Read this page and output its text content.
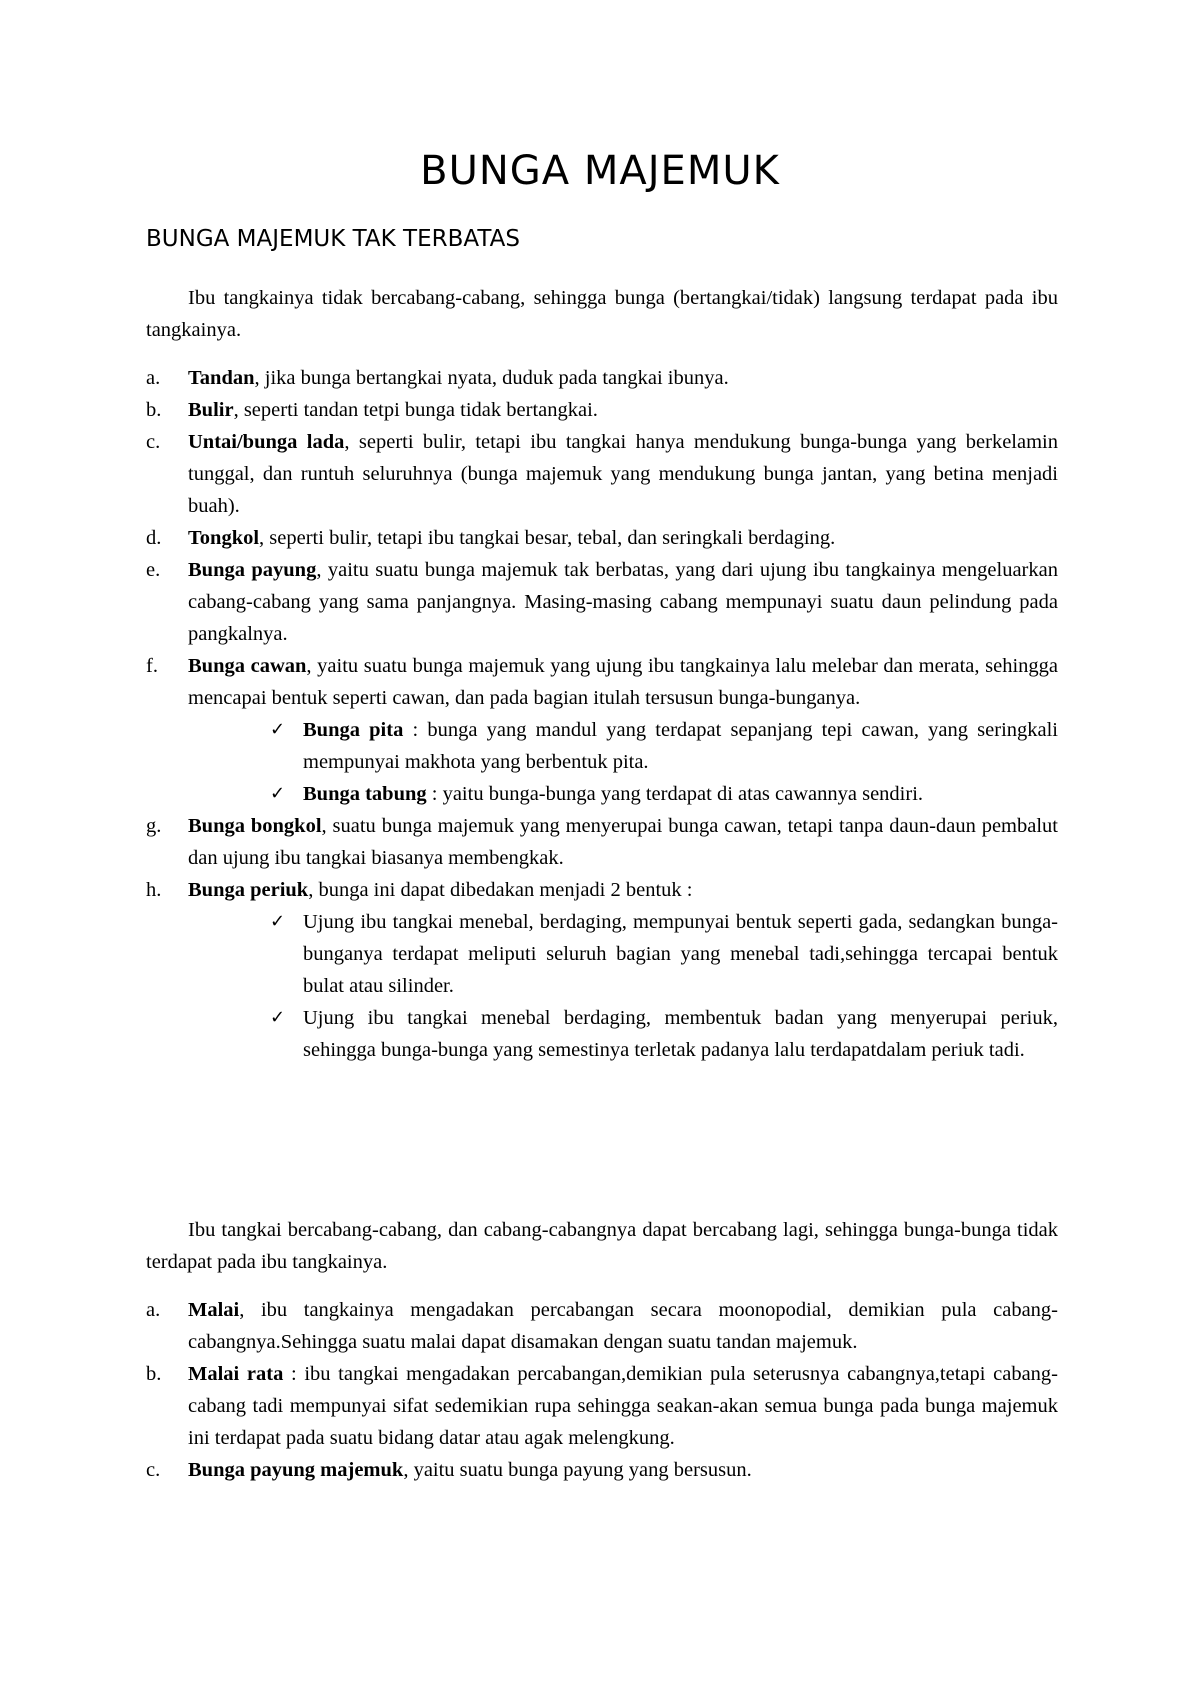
BUNGA MAJEMUK
BUNGA MAJEMUK TAK TERBATAS

Ibu tangkainya tidak bercabang-cabang, sehingga bunga (bertangkai/tidak) langsung terdapat pada ibu tangkainya.

a. Tandan, jika bunga bertangkai nyata, duduk pada tangkai ibunya.
b. Bulir, seperti tandan tetpi bunga tidak bertangkai.
c. Untai/bunga lada, seperti bulir, tetapi ibu tangkai hanya mendukung bunga-bunga yang berkelamin tunggal, dan runtuh seluruhnya (bunga majemuk yang mendukung bunga jantan, yang betina menjadi buah).
d. Tongkol, seperti bulir, tetapi ibu tangkai besar, tebal, dan seringkali berdaging.
e. Bunga payung, yaitu suatu bunga majemuk tak berbatas, yang dari ujung ibu tangkainya mengeluarkan cabang-cabang yang sama panjangnya. Masing-masing cabang mempunayi suatu daun pelindung pada pangkalnya.
f. Bunga cawan, yaitu suatu bunga majemuk yang ujung ibu tangkainya lalu melebar dan merata, sehingga mencapai bentuk seperti cawan, dan pada bagian itulah tersusun bunga-bunganya.
✓ Bunga pita : bunga yang mandul yang terdapat sepanjang tepi cawan, yang seringkali mempunyai makhota yang berbentuk pita.
✓ Bunga tabung : yaitu bunga-bunga yang terdapat di atas cawannya sendiri.
g. Bunga bongkol, suatu bunga majemuk yang menyerupai bunga cawan, tetapi tanpa daun-daun pembalut dan ujung ibu tangkai biasanya membengkak.
h. Bunga periuk, bunga ini dapat dibedakan menjadi 2 bentuk :
✓ Ujung ibu tangkai menebal, berdaging, mempunyai bentuk seperti gada, sedangkan bunga-bunganya terdapat meliputi seluruh bagian yang menebal tadi,sehingga tercapai bentuk bulat atau silinder.
✓ Ujung ibu tangkai menebal berdaging, membentuk badan yang menyerupai periuk, sehingga bunga-bunga yang semestinya terletak padanya lalu terdapatdalam periuk tadi.

Ibu tangkai bercabang-cabang, dan cabang-cabangnya dapat bercabang lagi, sehingga bunga-bunga tidak terdapat pada ibu tangkainya.

a. Malai, ibu tangkainya mengadakan percabangan secara moonopodial, demikian pula cabang-cabangnya.Sehingga suatu malai dapat disamakan dengan suatu tandan majemuk.
b. Malai rata : ibu tangkai mengadakan percabangan,demikian pula seterusnya cabangnya,tetapi cabang-cabang tadi mempunyai sifat sedemikian rupa sehingga seakan-akan semua bunga pada bunga majemuk ini terdapat pada suatu bidang datar atau agak melengkung.
c. Bunga payung majemuk, yaitu suatu bunga payung yang bersusun.
